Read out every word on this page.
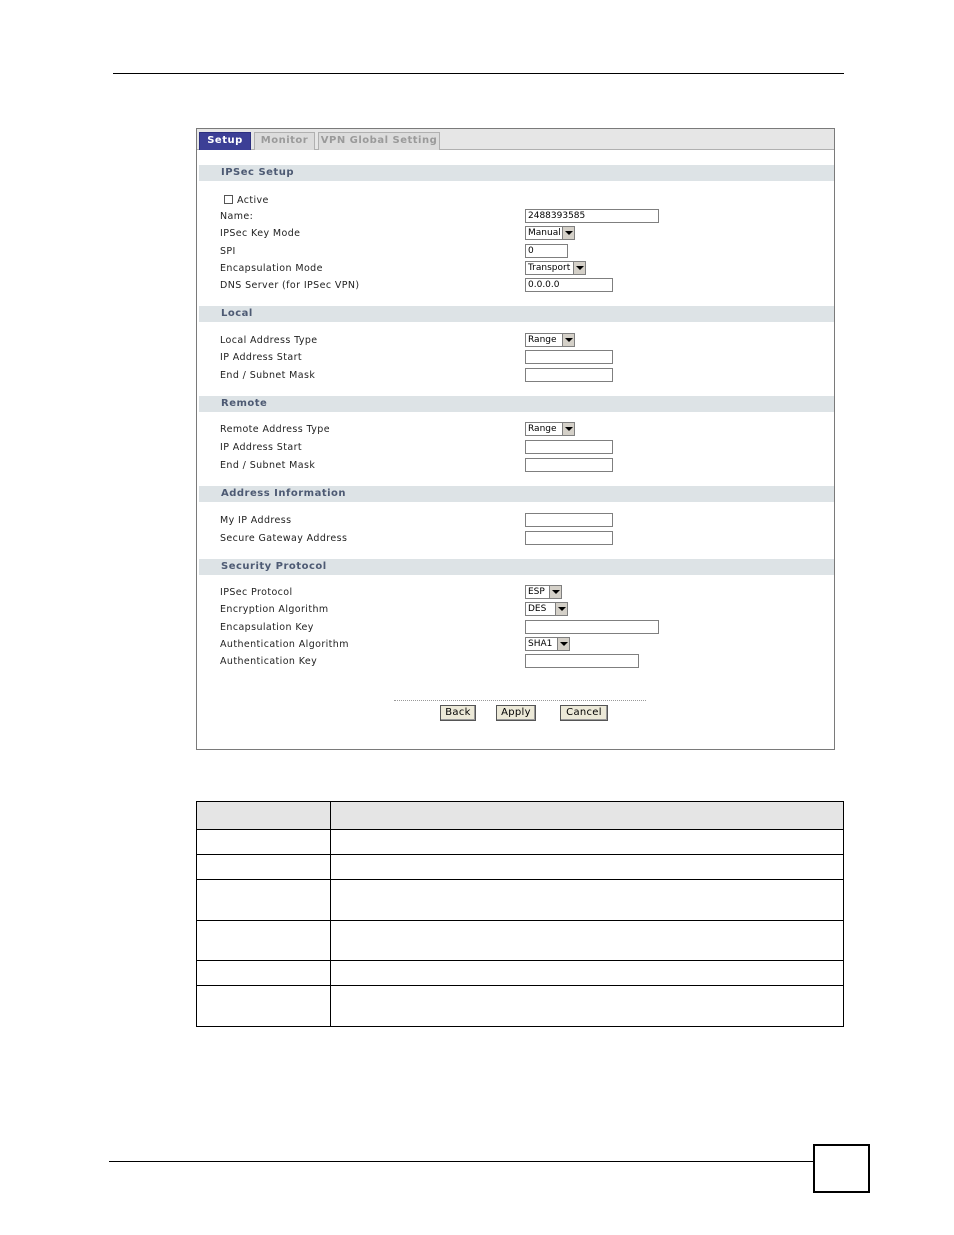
Setup	Monitor	VPN Global Setting
IPSec Setup
Active
Name:	2488393585
IPSec Key Mode	Manual
SPI	0
Encapsulation Mode	Transport
DNS Server (for IPSec VPN)	0.0.0.0
Local
Local Address Type	Range
IP Address Start
End / Subnet Mask
Remote
Remote Address Type	Range
IP Address Start
End / Subnet Mask
Address Information
My IP Address
Secure Gateway Address
Security Protocol
IPSec Protocol	ESP
Encryption Algorithm	DES
Encapsulation Key
Authentication Algorithm	SHA1
Authentication Key
Back	Apply	Cancel
